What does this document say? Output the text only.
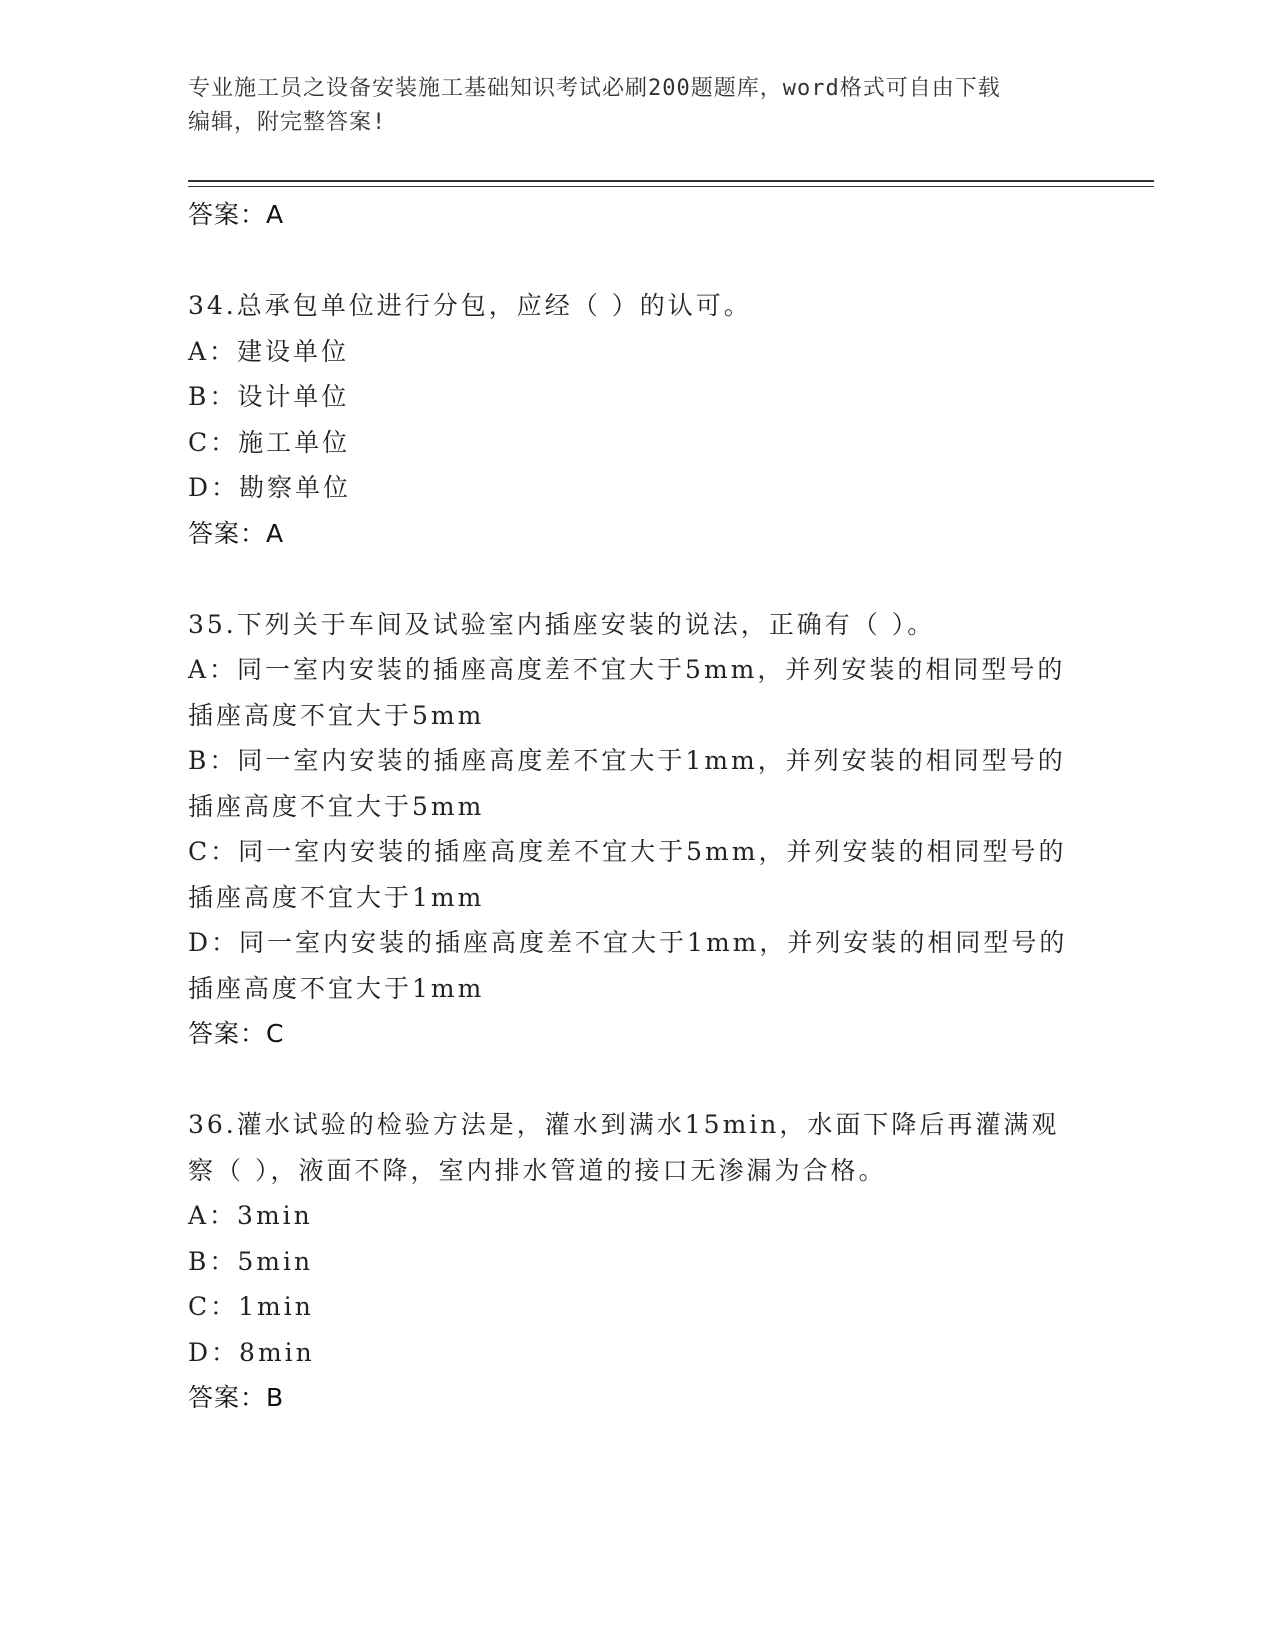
专业施工员之设备安装施工基础知识考试必刷200题题库，word格式可自由下载
编辑，附完整答案!
答案：A
34.总承包单位进行分包，应经（ ）的认可。
A：建设单位
B：设计单位
C：施工单位
D：勘察单位
答案：A
35.下列关于车间及试验室内插座安装的说法，正确有（ ）。
A：同一室内安装的插座高度差不宜大于5mm，并列安装的相同型号的
插座高度不宜大于5mm
B：同一室内安装的插座高度差不宜大于1mm，并列安装的相同型号的
插座高度不宜大于5mm
C：同一室内安装的插座高度差不宜大于5mm，并列安装的相同型号的
插座高度不宜大于1mm
D：同一室内安装的插座高度差不宜大于1mm，并列安装的相同型号的
插座高度不宜大于1mm
答案：C
36.灌水试验的检验方法是，灌水到满水15min，水面下降后再灌满观
察（ ），液面不降，室内排水管道的接口无渗漏为合格。
A：3min
B：5min
C：1min
D：8min
答案：B
